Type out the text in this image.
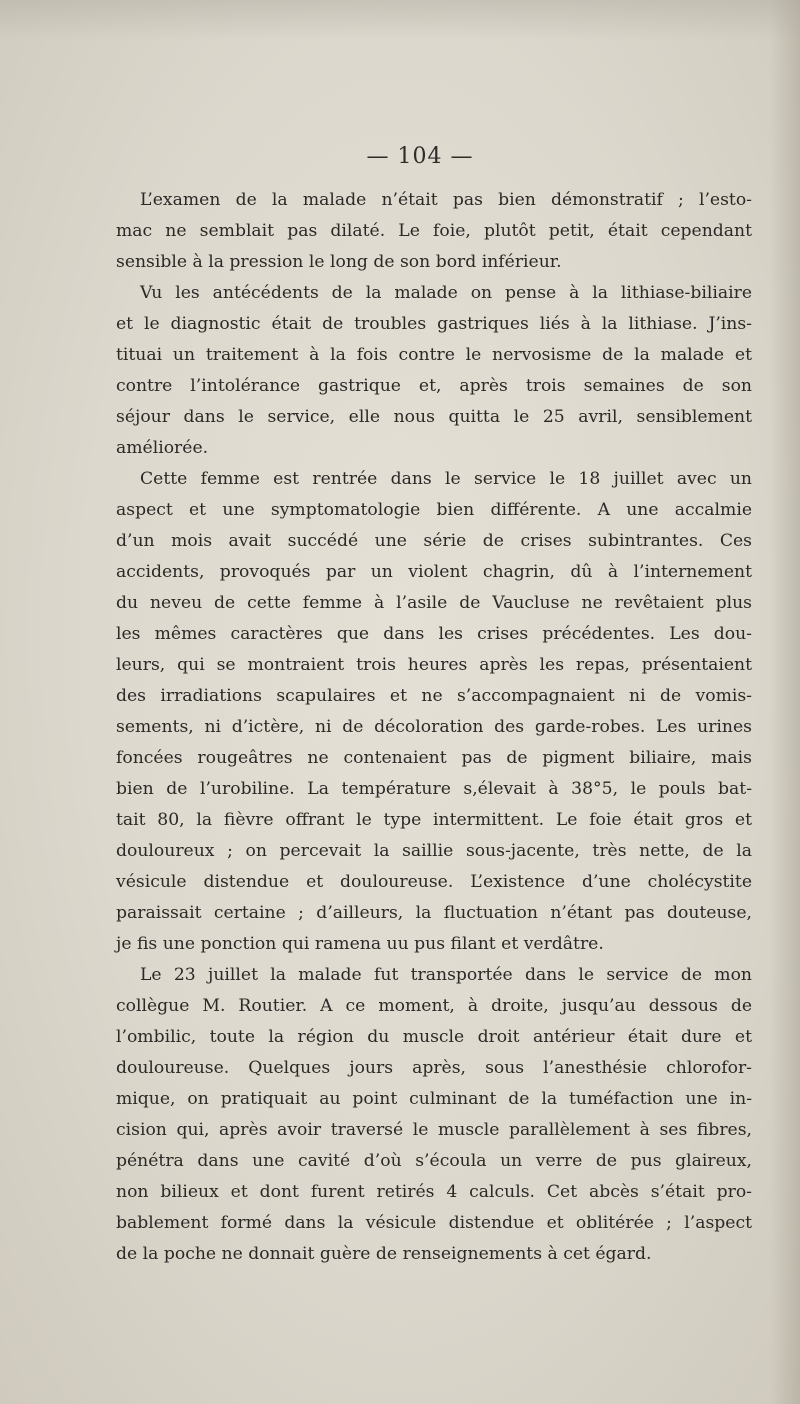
— 104 —
L’examen de la malade n’était pas bien démonstratif ; l’esto-
mac ne semblait pas dilaté. Le foie, plutôt petit, était cependant
sensible à la pression le long de son bord inférieur.
Vu les antécédents de la malade on pense à la lithiase-biliaire
et le diagnostic était de troubles gastriques liés à la lithiase. J’ins-
tituai un traitement à la fois contre le nervosisme de la malade et
contre l’intolérance gastrique et, après trois semaines de son
séjour dans le service, elle nous quitta le 25 avril, sensiblement
améliorée.
Cette femme est rentrée dans le service le 18 juillet avec un
aspect et une symptomatologie bien différente. A une accalmie
d’un mois avait succédé une série de crises subintrantes. Ces
accidents, provoqués par un violent chagrin, dû à l’internement
du neveu de cette femme à l’asile de Vaucluse ne revêtaient plus
les mêmes caractères que dans les crises précédentes. Les dou-
leurs, qui se montraient trois heures après les repas, présentaient
des irradiations scapulaires et ne s’accompagnaient ni de vomis-
sements, ni d’ictère, ni de décoloration des garde-robes. Les urines
foncées rougeâtres ne contenaient pas de pigment biliaire, mais
bien de l’urobiline. La température s,élevait à 38°5, le pouls bat-
tait 80, la fièvre offrant le type intermittent. Le foie était gros et
douloureux ; on percevait la saillie sous-jacente, très nette, de la
vésicule distendue et douloureuse. L’existence d’une cholécystite
paraissait certaine ; d’ailleurs, la fluctuation n’étant pas douteuse,
je fis une ponction qui ramena uu pus filant et verdâtre.
Le 23 juillet la malade fut transportée dans le service de mon
collègue M. Routier. A ce moment, à droite, jusqu’au dessous de
l’ombilic, toute la région du muscle droit antérieur était dure et
douloureuse. Quelques jours après, sous l’anesthésie chlorofor-
mique, on pratiquait au point culminant de la tuméfaction une in-
cision qui, après avoir traversé le muscle parallèlement à ses fibres,
pénétra dans une cavité d’où s’écoula un verre de pus glaireux,
non bilieux et dont furent retirés 4 calculs. Cet abcès s’était pro-
bablement formé dans la vésicule distendue et oblitérée ; l’aspect
de la poche ne donnait guère de renseignements à cet égard.
